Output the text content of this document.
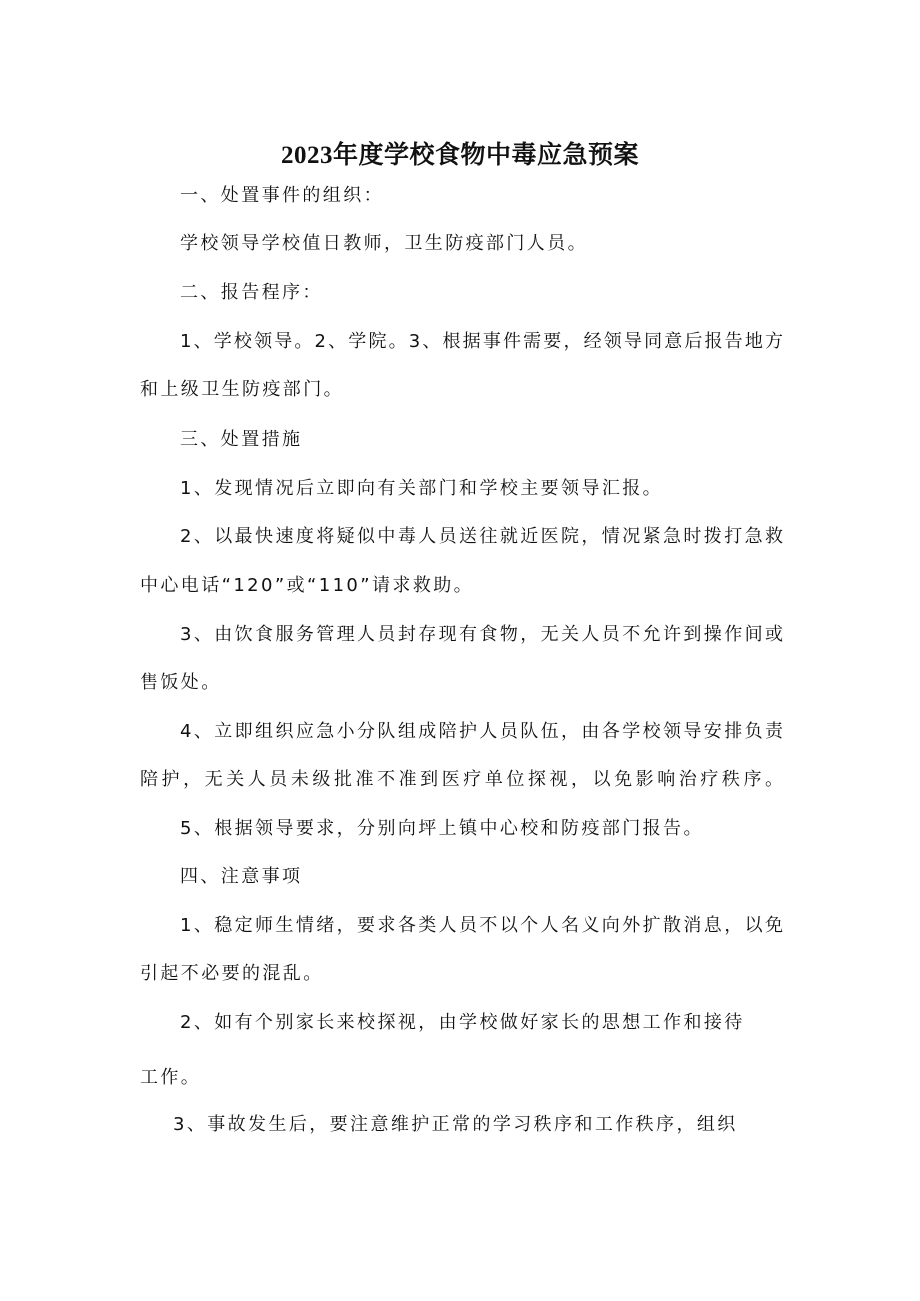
2023年度学校食物中毒应急预案
一、处置事件的组织：
学校领导学校值日教师，卫生防疫部门人员。
二、报告程序：
1、学校领导。2、学院。3、根据事件需要，经领导同意后报告地方
和上级卫生防疫部门。
三、处置措施
1、发现情况后立即向有关部门和学校主要领导汇报。
2、以最快速度将疑似中毒人员送往就近医院，情况紧急时拨打急救
中心电话“120”或“110”请求救助。
3、由饮食服务管理人员封存现有食物，无关人员不允许到操作间或
售饭处。
4、立即组织应急小分队组成陪护人员队伍，由各学校领导安排负责
陪护，无关人员未级批准不准到医疗单位探视，以免影响治疗秩序。
5、根据领导要求，分别向坪上镇中心校和防疫部门报告。
四、注意事项
1、稳定师生情绪，要求各类人员不以个人名义向外扩散消息，以免
引起不必要的混乱。
2、如有个别家长来校探视，由学校做好家长的思想工作和接待
工作。
3、事故发生后，要注意维护正常的学习秩序和工作秩序，组织
